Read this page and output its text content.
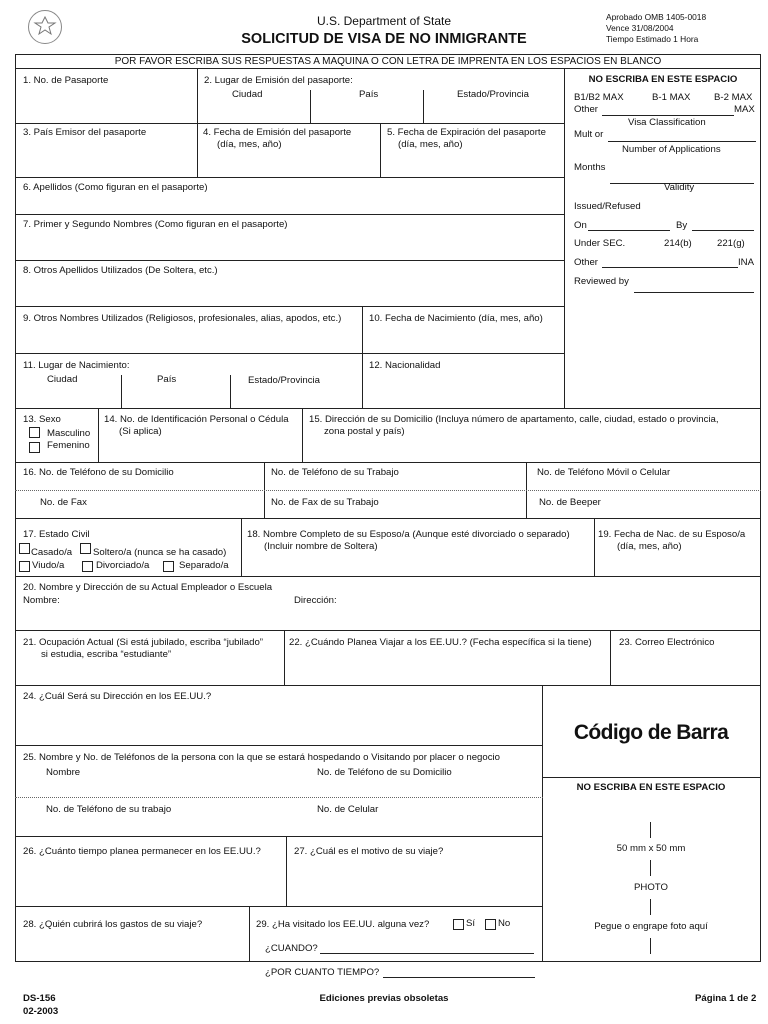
U.S. Department of State
SOLICITUD DE VISA DE NO INMIGRANTE
Aprobado OMB 1405-0018
Vence 31/08/2004
Tiempo Estimado 1 Hora
POR FAVOR ESCRIBA SUS RESPUESTAS A MAQUINA O CON LETRA DE IMPRENTA EN LOS ESPACIOS EN BLANCO
1. No. de Pasaporte	2. Lugar de Emisión del pasaporte:
Ciudad	País	Estado/Provincia
3. País Emisor del pasaporte	4. Fecha de Emisión del pasaporte
(día, mes, año)
5. Fecha de Expiración del pasaporte
(día, mes, año)
6. Apellidos (Como figuran en el pasaporte)
7. Primer y Segundo Nombres (Como figuran en el pasaporte)
8. Otros Apellidos Utilizados (De Soltera, etc.)
9. Otros Nombres Utilizados (Religiosos, profesionales, alias, apodos, etc.)	10. Fecha de Nacimiento (día, mes, año)
11. Lugar de Nacimiento:
Ciudad	País	Estado/Provincia
12. Nacionalidad
NO ESCRIBA EN ESTE ESPACIO
B1/B2 MAX	B-1 MAX B-2 MAX
Other	MAX
Visa Classification
Mult or
Number of Applications
Months
Validity
Issued/Refused
On	By
Under SEC.	214(b)	221(g)
Other	INA
Reviewed by
13. Sexo
Masculino
Femenino
14. No. de Identificación Personal o Cédula
(Si aplica)
15. Dirección de su Domicilio (Incluya número de apartamento, calle, ciudad, estado o provincia,
zona postal y país)
16. No. de Teléfono de su Domicilio	No. de Teléfono de su Trabajo	No. de Teléfono Móvil o Celular
No. de Fax	No. de Fax de su Trabajo	No. de Beeper
17. Estado Civil
Casado/a Soltero/a (nunca se ha casado)
Viudo/a	Divorciado/a	Separado/a
18. Nombre Completo de su Esposo/a (Aunque esté divorciado o separado)
(Incluir nombre de Soltera)
19. Fecha de Nac. de su Esposo/a
(día, mes, año)
20. Nombre y Dirección de su Actual Empleador o Escuela
Nombre:	Dirección:
21. Ocupación Actual (Si está jubilado, escriba “jubilado”
si estudia, escriba “estudiante”
22. ¿Cuándo Planea Viajar a los EE.UU.? (Fecha específica si la tiene)	23. Correo Electrónico
24. ¿Cuál Será su Dirección en los EE.UU.?
25. Nombre y No. de Teléfonos de la persona con la que se estará hospedando o Visitando por placer o negocio
Nombre	No. de Teléfono de su Domicilio
No. de Teléfono de su trabajo	No. de Celular
26. ¿Cuánto tiempo planea permanecer en los EE.UU.?	27. ¿Cuál es el motivo de su viaje?
28. ¿Quién cubrirá los gastos de su viaje?	29. ¿Ha visitado los EE.UU. alguna vez?	Sí No
¿CUANDO?
¿POR CUANTO TIEMPO?
Código de Barra
NO ESCRIBA EN ESTE ESPACIO
50 mm x 50 mm
PHOTO
Pegue o engrape foto aquí
DS-156
02-2003
Ediciones previas obsoletas	Página 1 de 2
